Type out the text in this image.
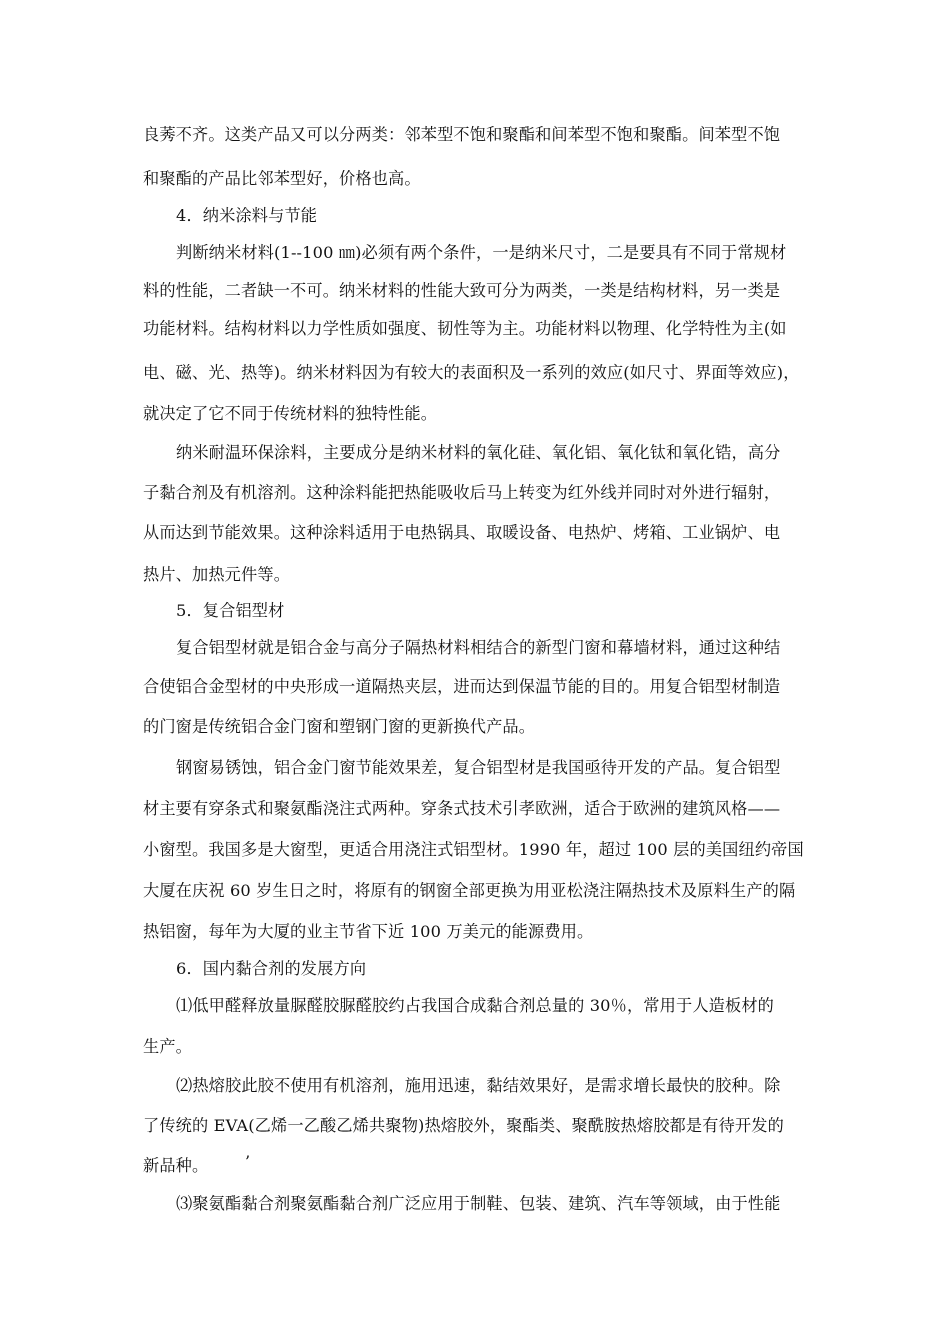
良莠不齐。这类产品又可以分两类：邻苯型不饱和聚酯和间苯型不饱和聚酯。间苯型不饱
和聚酯的产品比邻苯型好，价格也高。
4．纳米涂料与节能
判断纳米材料(1--100 ㎚)必须有两个条件，一是纳米尺寸，二是要具有不同于常规材
料的性能，二者缺一不可。纳米材料的性能大致可分为两类，一类是结构材料，另一类是
功能材料。结构材料以力学性质如强度、韧性等为主。功能材料以物理、化学特性为主(如
电、磁、光、热等)。纳米材料因为有较大的表面积及一系列的效应(如尺寸、界面等效应)，
就决定了它不同于传统材料的独特性能。
纳米耐温环保涂料，主要成分是纳米材料的氧化硅、氧化铝、氧化钛和氧化锆，高分
子黏合剂及有机溶剂。这种涂料能把热能吸收后马上转变为红外线并同时对外进行辐射，
从而达到节能效果。这种涂料适用于电热锅具、取暖设备、电热炉、烤箱、工业锅炉、电
热片、加热元件等。
5．复合铝型材
复合铝型材就是铝合金与高分子隔热材料相结合的新型门窗和幕墙材料，通过这种结
合使铝合金型材的中央形成一道隔热夹层，进而达到保温节能的目的。用复合铝型材制造
的门窗是传统铝合金门窗和塑钢门窗的更新换代产品。
钢窗易锈蚀，铝合金门窗节能效果差，复合铝型材是我国亟待开发的产品。复合铝型
材主要有穿条式和聚氨酯浇注式两种。穿条式技术引孝欧洲，适合于欧洲的建筑风格——
小窗型。我国多是大窗型，更适合用浇注式铝型材。1990 年，超过 100 层的美国纽约帝国
大厦在庆祝 60 岁生日之时，将原有的钢窗全部更换为用亚松浇注隔热技术及原料生产的隔
热铝窗，每年为大厦的业主节省下近 100 万美元的能源费用。
6．国内黏合剂的发展方向
⑴低甲醛释放量脲醛胶脲醛胶约占我国合成黏合剂总量的 30％，常用于人造板材的
生产。
⑵热熔胶此胶不使用有机溶剂，施用迅速，黏结效果好，是需求增长最快的胶种。除
了传统的 EVA(乙烯一乙酸乙烯共聚物)热熔胶外，聚酯类、聚酰胺热熔胶都是有待开发的
新品种。 ’
⑶聚氨酯黏合剂聚氨酯黏合剂广泛应用于制鞋、包装、建筑、汽车等领域，由于性能
